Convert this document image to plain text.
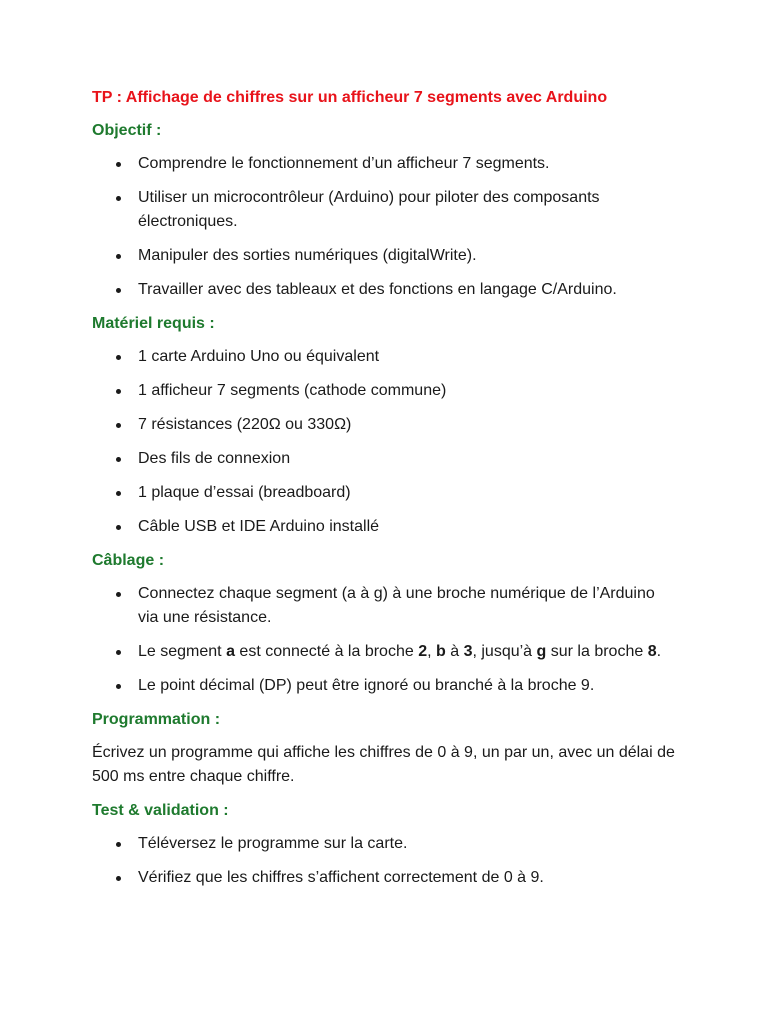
TP : Affichage de chiffres sur un afficheur 7 segments avec Arduino
Objectif :
Comprendre le fonctionnement d’un afficheur 7 segments.
Utiliser un microcontrôleur (Arduino) pour piloter des composants électroniques.
Manipuler des sorties numériques (digitalWrite).
Travailler avec des tableaux et des fonctions en langage C/Arduino.
Matériel requis :
1 carte Arduino Uno ou équivalent
1 afficheur 7 segments (cathode commune)
7 résistances (220Ω ou 330Ω)
Des fils de connexion
1 plaque d’essai (breadboard)
Câble USB et IDE Arduino installé
Câblage :
Connectez chaque segment (a à g) à une broche numérique de l’Arduino via une résistance.
Le segment a est connecté à la broche 2, b à 3, jusqu’à g sur la broche 8.
Le point décimal (DP) peut être ignoré ou branché à la broche 9.
Programmation :

Écrivez un programme qui affiche les chiffres de 0 à 9, un par un, avec un délai de 500 ms entre chaque chiffre.

Test & validation :
Téléversez le programme sur la carte.
Vérifiez que les chiffres s’affichent correctement de 0 à 9.
